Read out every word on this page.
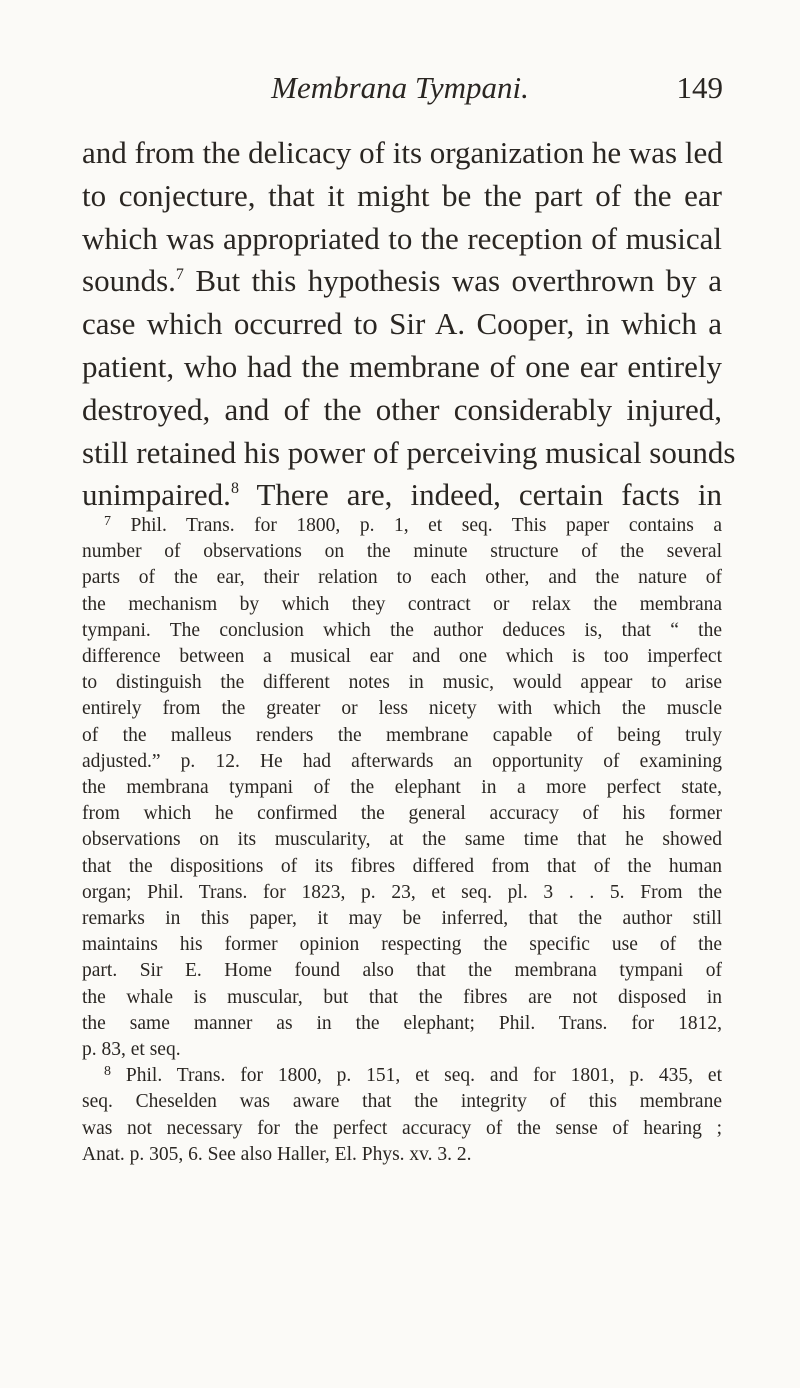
Membrana Tympani.	149
and from the delicacy of its organization he was led
to conjecture, that it might be the part of the ear
which was appropriated to the reception of musical
sounds.$^7$ But this hypothesis was overthrown by a
case which occurred to Sir A. Cooper, in which a
patient, who had the membrane of one ear entirely
destroyed, and of the other considerably injured,
still retained his power of perceiving musical sounds
unimpaired.$^8$ There are, indeed, certain facts in
$^7$ Phil. Trans. for 1800, p. 1, et seq. This paper contains a
number of observations on the minute structure of the several
parts of the ear, their relation to each other, and the nature of
the mechanism by which they contract or relax the membrana
tympani. The conclusion which the author deduces is, that “ the
difference between a musical ear and one which is too imperfect
to distinguish the different notes in music, would appear to arise
entirely from the greater or less nicety with which the muscle
of the malleus renders the membrane capable of being truly
adjusted.” p. 12. He had afterwards an opportunity of examining
the membrana tympani of the elephant in a more perfect state,
from which he confirmed the general accuracy of his former
observations on its muscularity, at the same time that he showed
that the dispositions of its fibres differed from that of the human
organ; Phil. Trans. for 1823, p. 23, et seq. pl. 3 . . 5. From the
remarks in this paper, it may be inferred, that the author still
maintains his former opinion respecting the specific use of the
part. Sir E. Home found also that the membrana tympani of
the whale is muscular, but that the fibres are not disposed in
the same manner as in the elephant; Phil. Trans. for 1812,
p. 83, et seq.
$^8$ Phil. Trans. for 1800, p. 151, et seq. and for 1801, p. 435, et
seq. Cheselden was aware that the integrity of this membrane
was not necessary for the perfect accuracy of the sense of hearing ;
Anat. p. 305, 6. See also Haller, El. Phys. xv. 3. 2.
